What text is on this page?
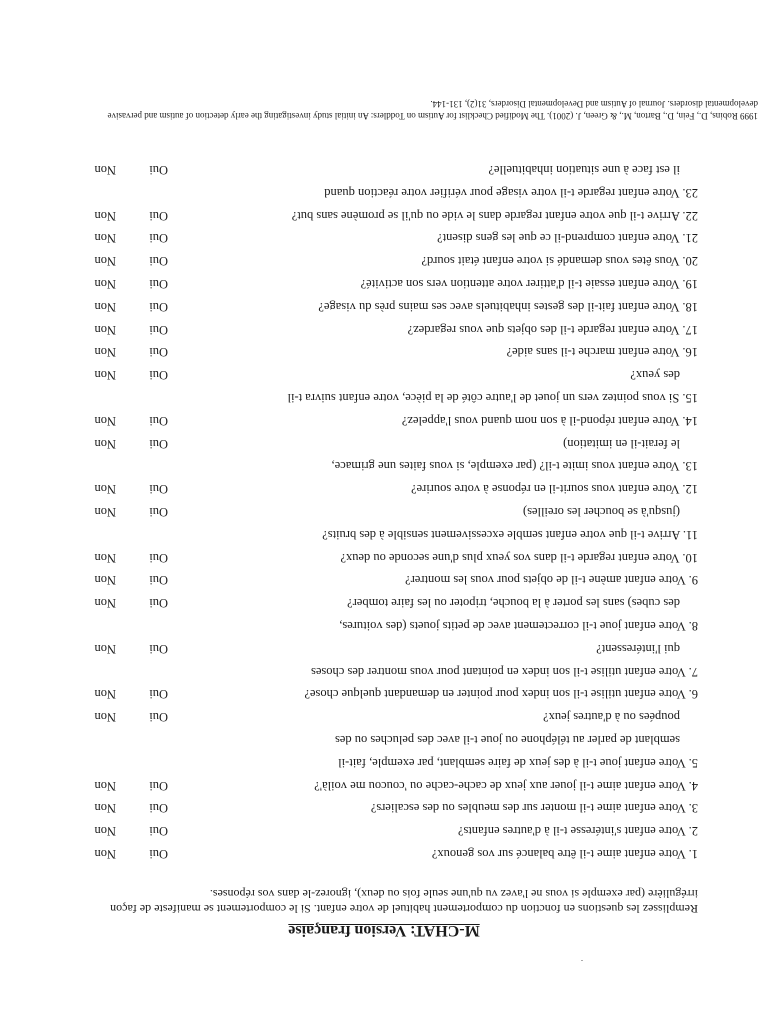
.
M-CHAT: Version française
Remplissez les questions en fonction du comportement habituel de votre enfant. Si le comportement se manifeste de façon irrégulière (par exemple si vous ne l'avez vu qu'une seule fois ou deux), ignorez-le dans vos réponses.
1. Votre enfant aime t-il être balancé sur vos genoux?
Oui
Non
2. Votre enfant s'intéresse t-il à d'autres enfants?
Oui
Non
3. Votre enfant aime t-il monter sur des meubles ou des escaliers?
Oui
Non
4. Votre enfant aime t-il jouer aux jeux de cache-cache ou 'coucou me voilà'?
Oui
Non
5. Votre enfant joue t-il à des jeux de faire semblant, par exemple, fait-il
semblant de parler au téléphone ou joue t-il avec des peluches ou des
poupées ou à d'autres jeux?
Oui
Non
6. Votre enfant utilise t-il son index pour pointer en demandant quelque chose?
Oui
Non
7. Votre enfant utilise t-il son index en pointant pour vous montrer des choses
qui l'intéressent?
Oui
Non
8. Votre enfant joue t-il correctement avec de petits jouets (des voitures,
des cubes) sans les porter à la bouche, tripoter ou les faire tomber?
Oui
Non
9. Votre enfant amène t-il de objets pour vous les montrer?
Oui
Non
10. Votre enfant regarde t-il dans vos yeux plus d'une seconde ou deux?
Oui
Non
11. Arrive t-il que votre enfant semble excessivement sensible à des bruits?
(jusqu'à se boucher les oreilles)
Oui
Non
12. Votre enfant vous sourit-il en réponse à votre sourire?
Oui
Non
13. Votre enfant vous imite t-il? (par exemple, si vous faites une grimace,
le ferait-il en imitation)
Oui
Non
14. Votre enfant répond-il à son nom quand vous l'appelez?
Oui
Non
15. Si vous pointez vers un jouet de l'autre côté de la pièce, votre enfant suivra t-il
des yeux?
Oui
Non
16. Votre enfant marche t-il sans aide?
Oui
Non
17. Votre enfant regarde t-il des objets que vous regardez?
Oui
Non
18. Votre enfant fait-il des gestes inhabituels avec ses mains près du visage?
Oui
Non
19. Votre enfant essaie t-il d'attirer votre attention vers son activité?
Oui
Non
20. Vous êtes vous demandé si votre enfant était sourd?
Oui
Non
21. Votre enfant comprend-il ce que les gens disent?
Oui
Non
22. Arrive t-il que votre enfant regarde dans le vide ou qu'il se promène sans but?
Oui
Non
23. Votre enfant regarde t-il votre visage pour vérifier votre réaction quand
il est face à une situation inhabituelle?
Oui
Non
1999 Robins, D., Fein, D., Barton, M., & Green, J. (2001). The Modified Checklist for Autism on Toddlers: An initial study investigating the early detection of autism and pervasive developmental disorders. Journal of Autism and Developmental Disorders, 31(2), 131-144.
